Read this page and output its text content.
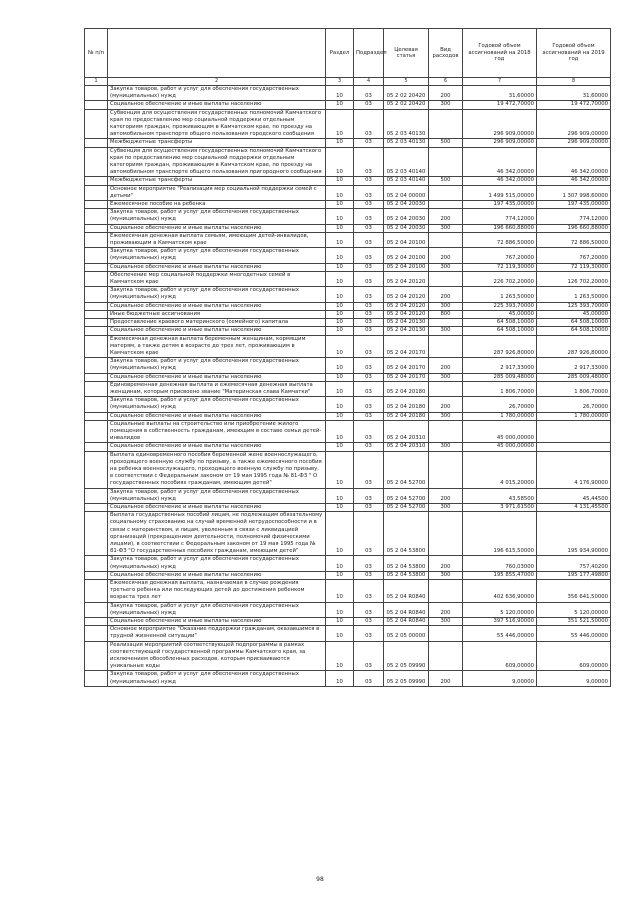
№ п/п		Раздел	Подраздел	Целевая статья	Вид расходов	Годовой объем ассигнований на 2018 год	Годовой объем ассигнований на 2019 год
1	2	3	4	5	6	7	8
	Закупка товаров, работ и услуг для обеспечения государственных (муниципальных) нужд	10	03	05 2 02 20420	200	31,60000	31,60000
	Социальное обеспечение и иные выплаты населению	10	03	05 2 02 20420	300	19 472,70000	19 472,70000
	Субвенция для осуществления государственных полномочий Камчатского края по предоставлению мер социальной поддержки отдельным категориям граждан, проживающим в Камчатском крае, по проезду на автомобильном транспорте общего пользования городского сообщения	10	03	05 2 03 40130		296 909,00000	296 909,00000
	Межбюджетные трансферты	10	03	05 2 03 40130	500	296 909,00000	296 909,00000
	Субвенция для осуществления государственных полномочий Камчатского края по предоставлению мер социальной поддержки отдельным категориям граждан, проживающим в Камчатском крае, по проезду на автомобильном транспорте общего пользования пригородного сообщения	10	03	05 2 03 40140		46 342,00000	46 342,00000
	Межбюджетные трансферты	10	03	05 2 03 40140	500	46 342,00000	46 342,00000
	Основное мероприятие "Реализация мер социальной поддержки семей с детьми"	10	03	05 2 04 00000		1 499 515,00000	1 307 998,60000
	Ежемесячное пособие на ребенка	10	03	05 2 04 20030		197 435,00000	197 435,00000
	Закупка товаров, работ и услуг для обеспечения государственных (муниципальных) нужд	10	03	05 2 04 20030	200	774,12000	774,12000
	Социальное обеспечение и иные выплаты населению	10	03	05 2 04 20030	300	196 660,88000	196 660,88000
	Ежемесячная денежная выплата семьям, имеющим детей-инвалидов, проживающим в Камчатском крае	10	03	05 2 04 20100		72 886,50000	72 886,50000
	Закупка товаров, работ и услуг для обеспечения государственных (муниципальных) нужд	10	03	05 2 04 20100	200	767,20000	767,20000
	Социальное обеспечение и иные выплаты населению	10	03	05 2 04 20100	300	72 119,30000	72 119,30000
	Обеспечение мер социальной поддержки многодетных семей в Камчатском крае	10	03	05 2 04 20120		226 702,20000	126 702,20000
	Закупка товаров, работ и услуг для обеспечения государственных (муниципальных) нужд	10	03	05 2 04 20120	200	1 263,50000	1 263,50000
	Социальное обеспечение и иные выплаты населению	10	03	05 2 04 20120	300	225 393,70000	125 393,70000
	Иные бюджетные ассигнования	10	03	05 2 04 20120	800	45,00000	45,00000
	Предоставление краевого материнского (семейного) капитала	10	03	05 2 04 20130		64 508,10000	64 508,10000
	Социальное обеспечение и иные выплаты населению	10	03	05 2 04 20130	300	64 508,10000	64 508,10000
	Ежемесячная денежная выплата беременным женщинам, кормящим матерям, а также детям в возрасте до трех лет, проживающим в Камчатском крае	10	03	05 2 04 20170		287 926,80000	287 926,80000
	Закупка товаров, работ и услуг для обеспечения государственных (муниципальных) нужд	10	03	05 2 04 20170	200	2 917,33000	2 917,33000
	Социальное обеспечение и иные выплаты населению	10	03	05 2 04 20170	300	285 009,48000	285 009,48000
	Единовременная денежная выплата и ежемесячная денежная выплата женщинам, которым присвоено звание "Материнская слава Камчатки"	10	03	05 2 04 20180		1 806,70000	1 806,70000
	Закупка товаров, работ и услуг для обеспечения государственных (муниципальных) нужд	10	03	05 2 04 20180	200	26,70000	26,70000
	Социальное обеспечение и иные выплаты населению	10	03	05 2 04 20180	300	1 780,00000	1 780,00000
	Социальные выплаты на строительство или приобретение жилого помещения в собственность гражданам, имеющим в составе семьи детей-инвалидов	10	03	05 2 04 20310		45 000,00000	
	Социальное обеспечение и иные выплаты населению	10	03	05 2 04 20310	300	45 000,00000	
	Выплата единовременного пособия беременной жене военнослужащего, проходящего военную службу по призыву, а также ежемесячного пособия на ребенка военнослужащего, проходящего военную службу по призыву, в соответствии с Федеральным законом от 19 мая 1995 года № 81-ФЗ " О государственных пособиях гражданам, имеющим детей"	10	03	05 2 04 52700		4 015,20000	4 176,90000
	Закупка товаров, работ и услуг для обеспечения государственных (муниципальных) нужд	10	03	05 2 04 52700	200	43,58500	45,44500
	Социальное обеспечение и иные выплаты населению	10	03	05 2 04 52700	300	3 971,61500	4 131,45500
	Выплата государственных пособий лицам, не подлежащим обязательному социальному страхованию на случай временной нетрудоспособности и в связи с материнством, и лицам, уволенным в связи с ликвидацией организаций (прекращением деятельности, полномочий физическими лицами), в соответствии с Федеральным законом от 19 мая 1995 года № 81-ФЗ "О государственных пособиях гражданам, имеющим детей"	10	03	05 2 04 53800		196 615,50000	195 934,90000
	Закупка товаров, работ и услуг для обеспечения государственных (муниципальных) нужд	10	03	05 2 04 53800	200	760,03000	757,40200
	Социальное обеспечение и иные выплаты населению	10	03	05 2 04 53800	300	195 855,47000	195 177,49800
	Ежемесячная денежная выплата, назначаемая в случае рождения третьего ребенка или последующих детей до достижения ребенком возраста трех лет	10	03	05 2 04 R0840		402 636,90000	356 641,50000
	Закупка товаров, работ и услуг для обеспечения государственных (муниципальных) нужд	10	03	05 2 04 R0840	200	5 120,00000	5 120,00000
	Социальное обеспечение и иные выплаты населению	10	03	05 2 04 R0840	300	397 516,90000	351 521,50000
	Основное мероприятие "Оказание поддержки гражданам, оказавшимся в трудной жизненной ситуации"	10	03	05 2 05 00000		55 446,00000	55 446,00000
	Реализация мероприятий соответствующей подпрограммы в рамках соответствующей государственной программы Камчатского края, за исключением обособленных расходов, которым присваиваются уникальные коды	10	03	05 2 05 09990		609,00000	609,00000
	Закупка товаров, работ и услуг для обеспечения государственных (муниципальных) нужд	10	03	05 2 05 09990	200	9,00000	9,00000
98
